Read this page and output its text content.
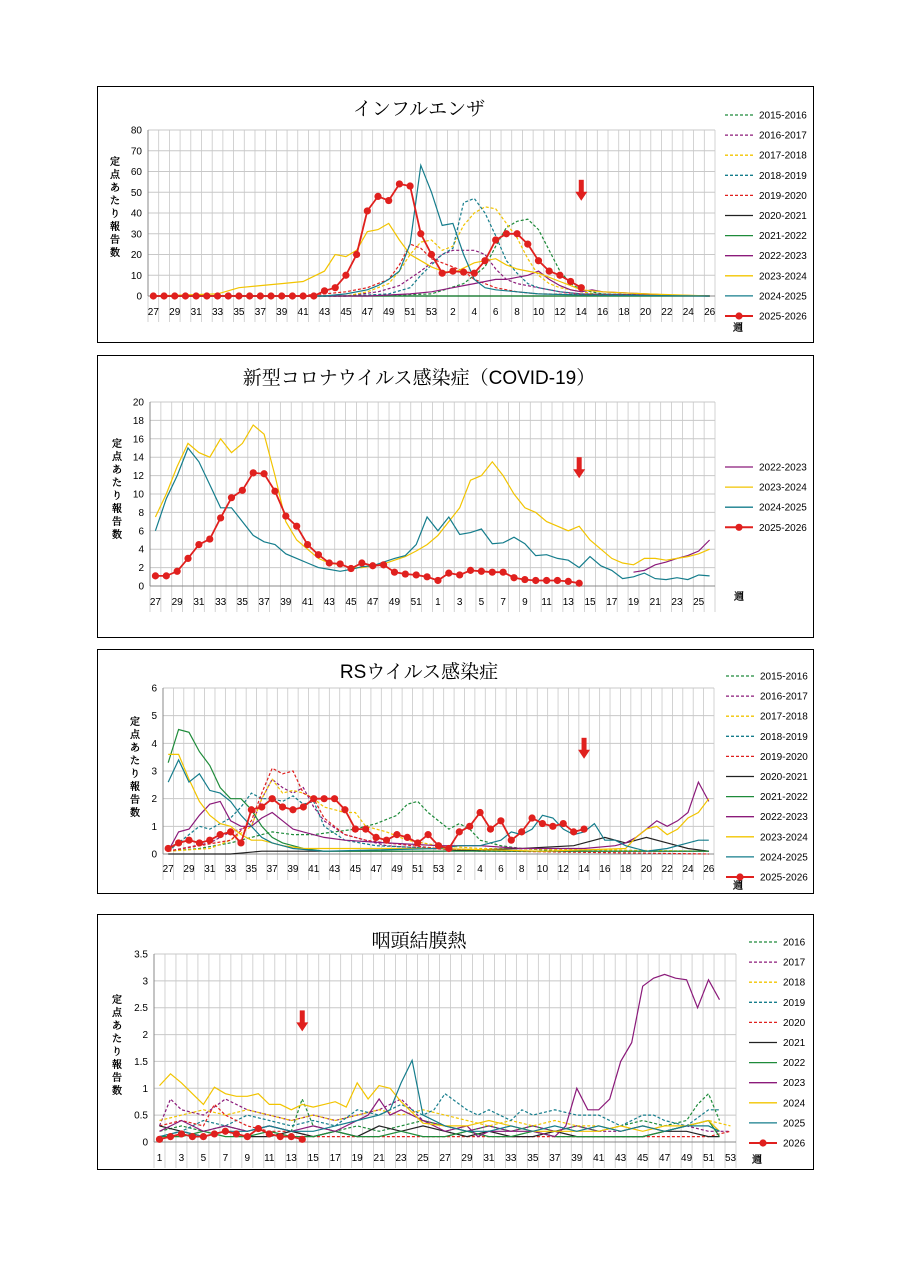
インフルエンザ
0
10
20
30
40
50
60
70
80
27 29 31 33 35 37 39 41 43 45 47 49 51 53 2 4 6 8 10 12 14 16 18 20 22 24 26
週
定点あたり報告数
2015-2016
2016-2017
2017-2018
2018-2019
2019-2020
2020-2021
2021-2022
2022-2023
2023-2024
2024-2025
2025-2026
新型コロナウイルス感染症（COVID-19）
0
2
4
6
8
10
12
14
16
18
20
27 29 31 33 35 37 39 41 43 45 47 49 51 1 3 5 7 9 11 13 15 17 19 21 23 25	週
定点あたり報告数
2022-2023
2023-2024
2024-2025
2025-2026
RSウイルス感染症
0
1
2
3
4
5
6
27 29 31 33 35 37 39 41 43 45 47 49 51 53 2 4 6 8 10 12 14 16 18 20 22 24 26
週
定点あたり報告数
2015-2016
2016-2017
2017-2018
2018-2019
2019-2020
2020-2021
2021-2022
2022-2023
2023-2024
2024-2025
2025-2026
咽頭結膜熱
0
0.5
1
1.5
2
2.5
3
3.5
1 3 5 7 9 11 13 15 17 19 21 23 25 27 29 31 33 35 37 39 41 43 45 47 49 51 53 週
定点あたり報告数
2016
2017
2018
2019
2020
2021
2022
2023
2024
2025
2026
